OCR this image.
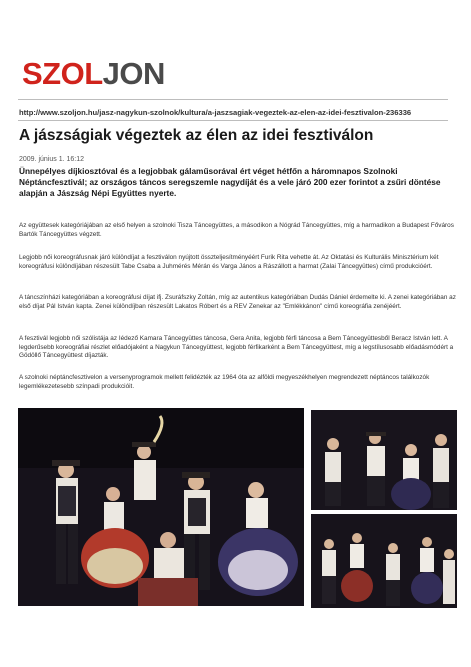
SZOLJON
http://www.szoljon.hu/jasz-nagykun-szolnok/kultura/a-jaszsagiak-vegeztek-az-elen-az-idei-fesztivalon-236336
A jászságiak végeztek az élen az idei fesztiválon
2009. június 1. 16:12
Ünnepélyes díjkiosztóval és a legjobbak gálaműsorával ért véget hétfőn a háromnapos Szolnoki Néptáncfesztivál; az országos táncos seregszemle nagydíját és a vele járó 200 ezer forintot a zsűri döntése alapján a Jászság Népi Együttes nyerte.
Az együttesek kategóriájában az első helyen a szolnoki Tisza Táncegyüttes, a másodikon a Nógrád Táncegyüttes, míg a harmadikon a Budapest Főváros Bartók Táncegyüttes végzett.
Legjobb női koreográfusnak járó különdíjat a fesztiválon nyújtott összteljesítményéért Furik Rita vehette át. Az Oktatási és Kulturális Minisztérium két koreográfusi különdíjában részesült Tabe Csaba a Juhmérés Mérán és Varga János a Rászállott a harmat (Zalai Táncegyüttes) című produkcióért.
A táncszínházi kategóriában a koreográfusi díjat ifj. Zsuráfszky Zoltán, míg az autentikus kategóriában Dudás Dániel érdemelte ki. A zenei kategóriában az első díjat Pál István kapta. Zenei különdíjban részesült Lakatos Róbert és a REV Zenekar az "Emlékkánon" című koreográfia zenéjéért.
A fesztivál legjobb női szólistája az Iédező Kamara Táncegyüttes táncosa, Gera Anita, legjobb férfi táncosa a Bem Táncegyüttesből Beracz István lett. A legderűsebb koreográfiai részlet előadójaként a Nagykun Táncegyüttest, legjobb férfikarként a Bem Táncegyüttest, míg a legstílusosabb előadásmódért a Gödöllő Táncegyüttest díjazták.
A szolnoki néptáncfesztivelon a versenyprogramok mellett felidézték az 1964 óta az alföldi megyeszékhelyen megrendezett néptáncos találkozók legemlékezetesebb színpadi produkcióit.
